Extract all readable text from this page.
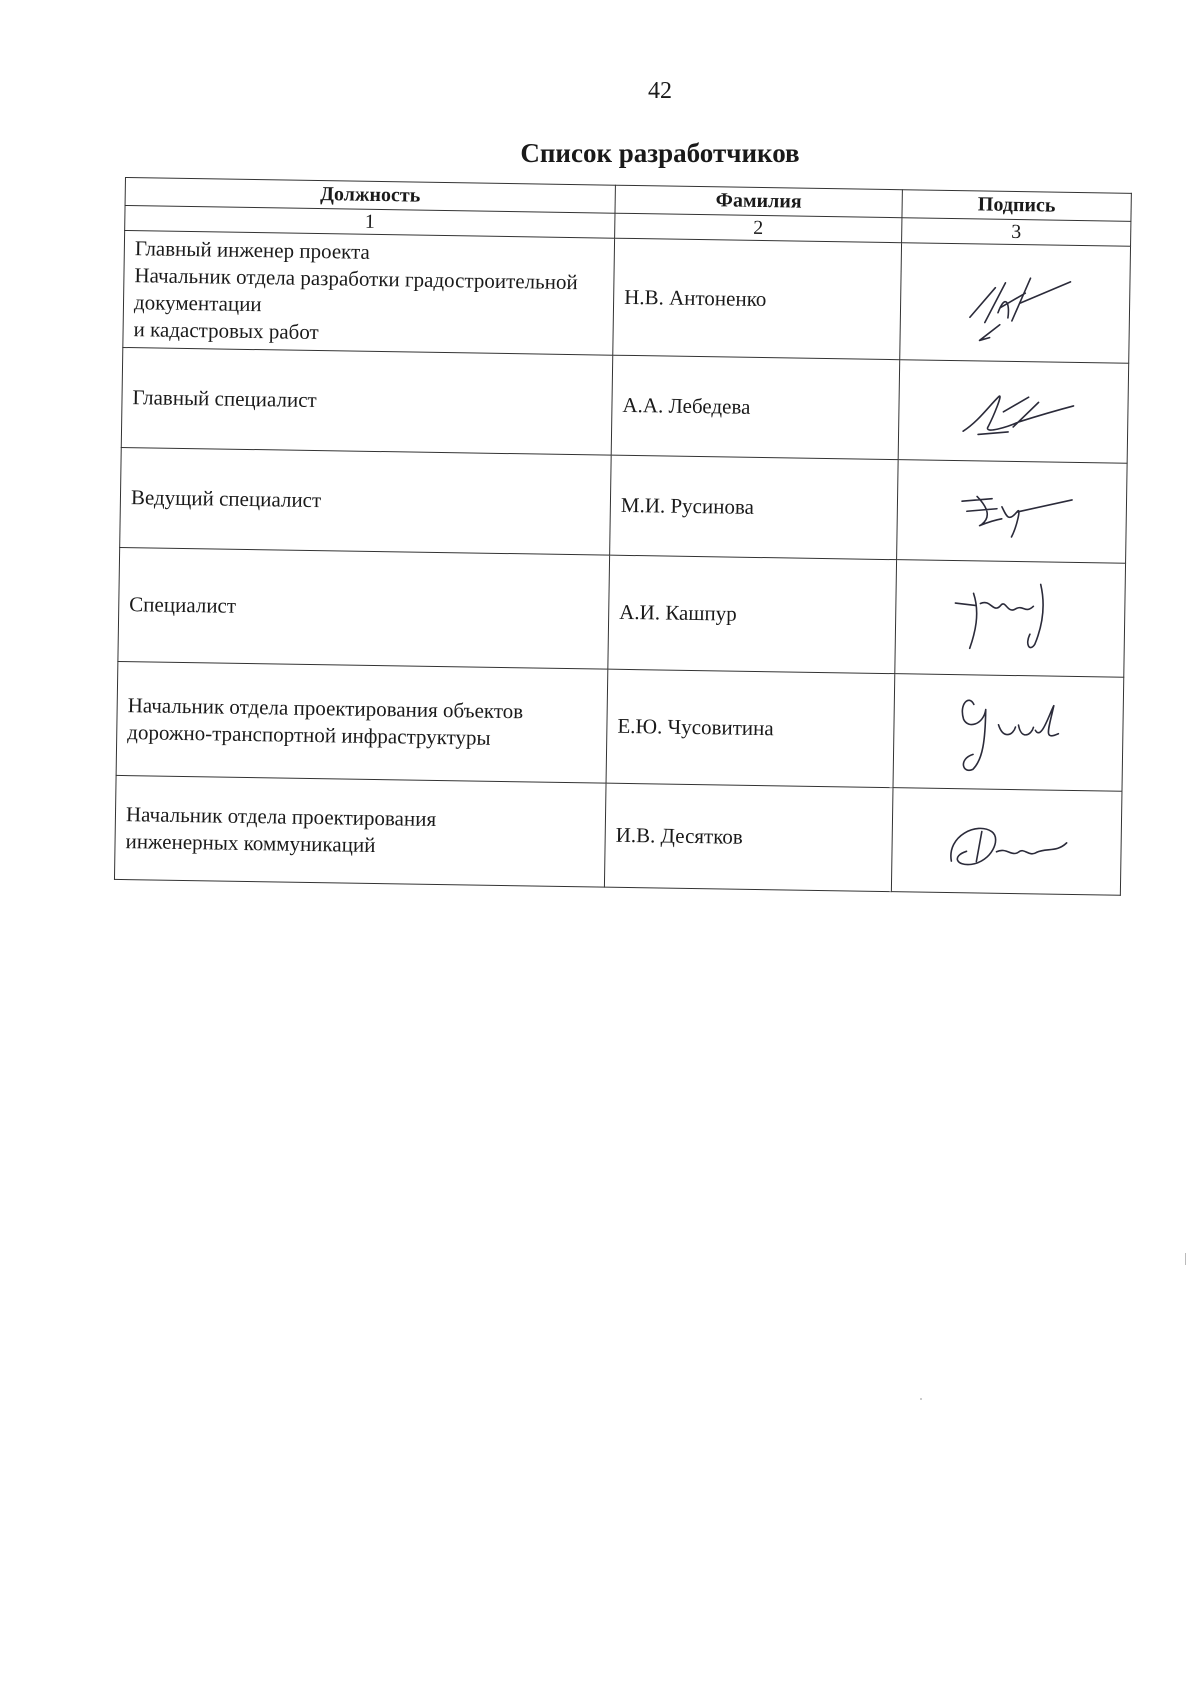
42
Список разработчиков
Должность	Фамилия	Подпись
1	2	3

Главный инженер проекта
Начальник отдела разработки градостроительной документации
и кадастровых работ	Н.В. Антоненко	

Главный специалист	А.А. Лебедева	

Ведущий специалист	М.И. Русинова	

Специалист	А.И. Кашпур	

Начальник отдела проектирования объектов дорожно-транспортной инфраструктуры	Е.Ю. Чусовитина	

Начальник отдела проектирования
инженерных коммуникаций	И.В. Десятков	
